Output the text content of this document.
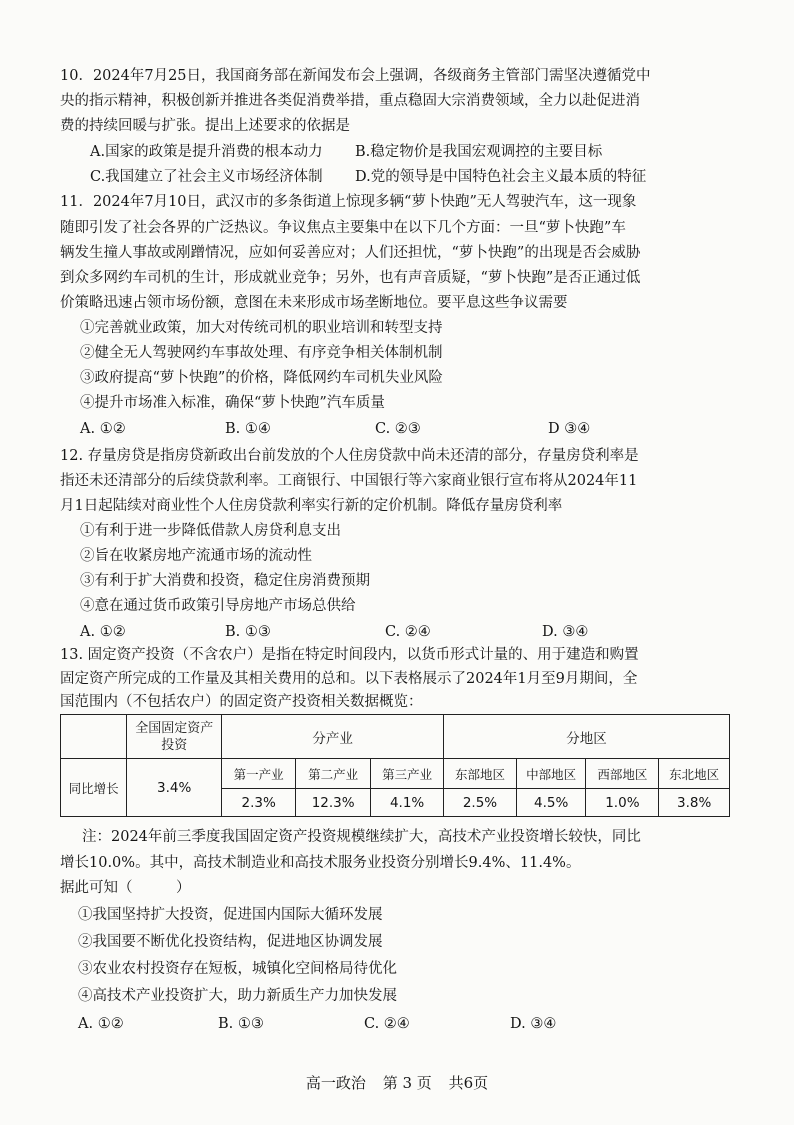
10．2024年7月25日，我国商务部在新闻发布会上强调，各级商务主管部门需坚决遵循党中
央的指示精神，积极创新并推进各类促消费举措，重点稳固大宗消费领域，全力以赴促进消
费的持续回暖与扩张。提出上述要求的依据是
A.国家的政策是提升消费的根本动力 B.稳定物价是我国宏观调控的主要目标
C.我国建立了社会主义市场经济体制 D.党的领导是中国特色社会主义最本质的特征
11．2024年7月10日，武汉市的多条街道上惊现多辆“萝卜快跑”无人驾驶汽车，这一现象
随即引发了社会各界的广泛热议。争议焦点主要集中在以下几个方面：一旦“萝卜快跑”车
辆发生撞人事故或剐蹭情况，应如何妥善应对；人们还担忧，“萝卜快跑”的出现是否会威胁
到众多网约车司机的生计，形成就业竞争；另外，也有声音质疑，“萝卜快跑”是否正通过低
价策略迅速占领市场份额，意图在未来形成市场垄断地位。要平息这些争议需要
①完善就业政策，加大对传统司机的职业培训和转型支持
②健全无人驾驶网约车事故处理、有序竞争相关体制机制
③政府提高“萝卜快跑”的价格，降低网约车司机失业风险
④提升市场准入标准，确保“萝卜快跑”汽车质量
A. ①②	B. ①④	C. ②③	D ③④
12. 存量房贷是指房贷新政出台前发放的个人住房贷款中尚未还清的部分，存量房贷利率是
指还未还清部分的后续贷款利率。工商银行、中国银行等六家商业银行宣布将从2024年11
月1日起陆续对商业性个人住房贷款利率实行新的定价机制。降低存量房贷利率
①有利于进一步降低借款人房贷利息支出
②旨在收紧房地产流通市场的流动性
③有利于扩大消费和投资，稳定住房消费预期
④意在通过货币政策引导房地产市场总供给
A. ①②	B. ①③	C. ②④	D. ③④
13. 固定资产投资（不含农户）是指在特定时间段内，以货币形式计量的、用于建造和购置
固定资产所完成的工作量及其相关费用的总和。以下表格展示了2024年1月至9月期间，全
国范围内（不包括农户）的固定资产投资相关数据概览：
	全国固定资产投资	分产业			分地区			
同比增长	3.4%	第一产业	第二产业	第三产业	东部地区	中部地区	西部地区	东北地区
		2.3%	12.3%	4.1%	2.5%	4.5%	1.0%	3.8%
注：2024年前三季度我国固定资产投资规模继续扩大，高技术产业投资增长较快，同比
增长10.0%。其中，高技术制造业和高技术服务业投资分别增长9.4%、11.4%。
据此可知（　　　）
①我国坚持扩大投资，促进国内国际大循环发展
②我国要不断优化投资结构，促进地区协调发展
③农业农村投资存在短板，城镇化空间格局待优化
④高技术产业投资扩大，助力新质生产力加快发展
A. ①②	B. ①③	C. ②④	D. ③④
高一政治 第 3 页 共6页
